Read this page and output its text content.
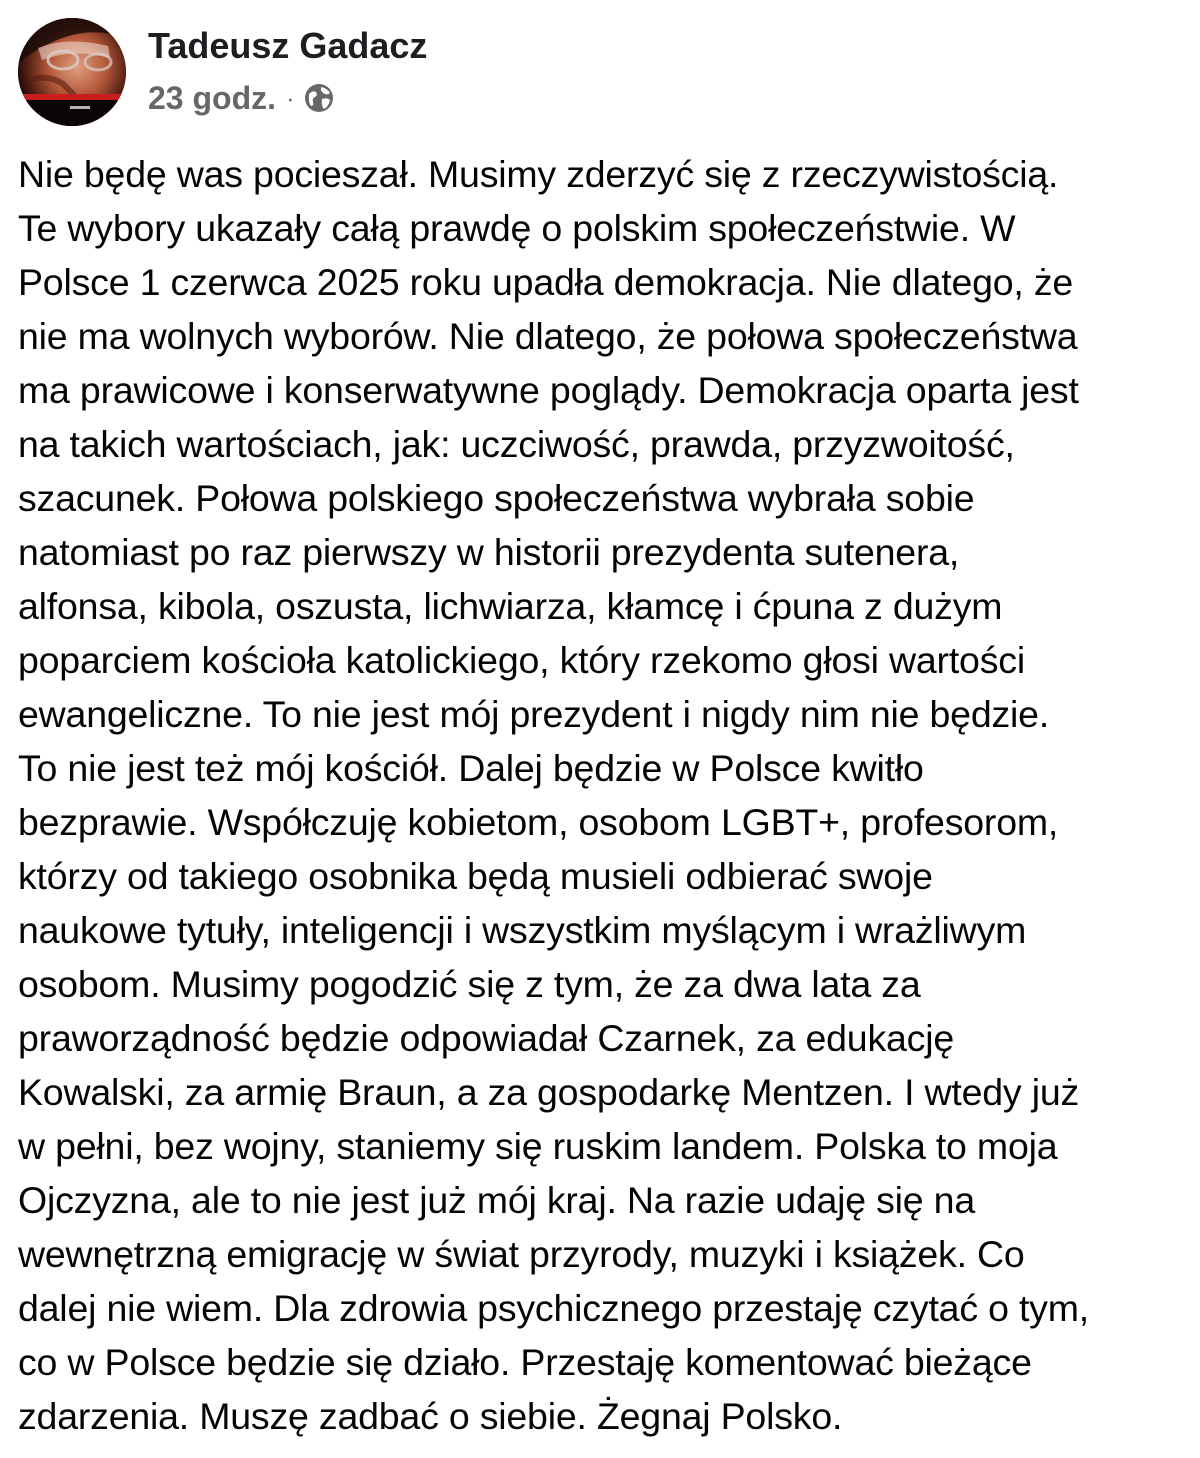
Tadeusz Gadacz
23 godz. ·
Nie będę was pocieszał. Musimy zderzyć się z rzeczywistością.
Te wybory ukazały całą prawdę o polskim społeczeństwie. W
Polsce 1 czerwca 2025 roku upadła demokracja. Nie dlatego, że
nie ma wolnych wyborów. Nie dlatego, że połowa społeczeństwa
ma prawicowe i konserwatywne poglądy. Demokracja oparta jest
na takich wartościach, jak: uczciwość, prawda, przyzwoitość,
szacunek. Połowa polskiego społeczeństwa wybrała sobie
natomiast po raz pierwszy w historii prezydenta sutenera,
alfonsa, kibola, oszusta, lichwiarza, kłamcę i ćpuna z dużym
poparciem kościoła katolickiego, który rzekomo głosi wartości
ewangeliczne. To nie jest mój prezydent i nigdy nim nie będzie.
To nie jest też mój kościół. Dalej będzie w Polsce kwitło
bezprawie. Współczuję kobietom, osobom LGBT+, profesorom,
którzy od takiego osobnika będą musieli odbierać swoje
naukowe tytuły, inteligencji i wszystkim myślącym i wrażliwym
osobom. Musimy pogodzić się z tym, że za dwa lata za
praworządność będzie odpowiadał Czarnek, za edukację
Kowalski, za armię Braun, a za gospodarkę Mentzen. I wtedy już
w pełni, bez wojny, staniemy się ruskim landem. Polska to moja
Ojczyzna, ale to nie jest już mój kraj. Na razie udaję się na
wewnętrzną emigrację w świat przyrody, muzyki i książek. Co
dalej nie wiem. Dla zdrowia psychicznego przestaję czytać o tym,
co w Polsce będzie się działo. Przestaję komentować bieżące
zdarzenia. Muszę zadbać o siebie. Żegnaj Polsko.
